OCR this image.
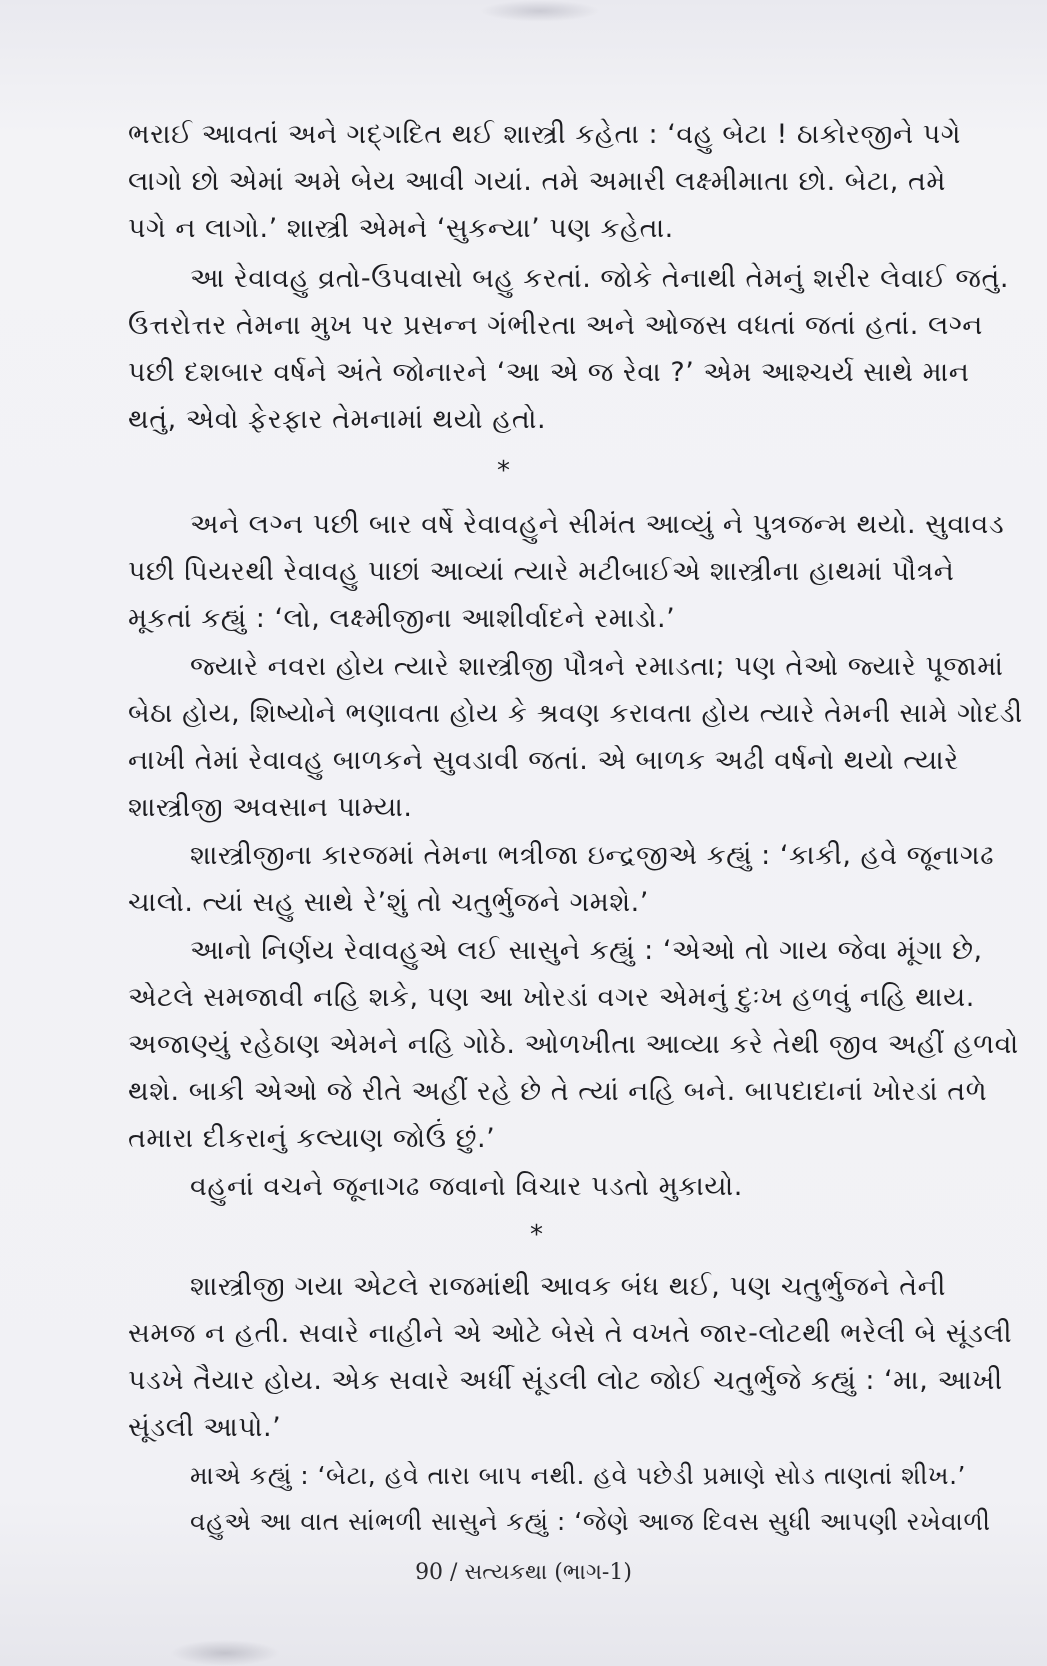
ભરાઈ આવતાં અને ગદ્ગદિત થઈ શાસ્ત્રી કહેતા : ‘વહુ બેટા ! ઠાકોરજીને પગે
લાગો છો એમાં અમે બેય આવી ગયાં. તમે અમારી લક્ષ્મીમાતા છો. બેટા, તમે
પગે ન લાગો.’ શાસ્ત્રી એમને ‘સુકન્યા’ પણ કહેતા.
આ રેવાવહુ વ્રતો-ઉપવાસો બહુ કરતાં. જોકે તેનાથી તેમનું શરીર લેવાઈ જતું.
ઉત્તરોત્તર તેમના મુખ પર પ્રસન્ન ગંભીરતા અને ઓજસ વધતાં જતાં હતાં. લગ્ન
પછી દશબાર વર્ષને અંતે જોનારને ‘આ એ જ રેવા ?’ એમ આશ્ચર્ય સાથે માન
થતું, એવો ફેરફાર તેમનામાં થયો હતો.
*
અને લગ્ન પછી બાર વર્ષે રેવાવહુને સીમંત આવ્યું ને પુત્રજન્મ થયો. સુવાવડ
પછી પિયરથી રેવાવહુ પાછાં આવ્યાં ત્યારે મટીબાઈએ શાસ્ત્રીના હાથમાં પૌત્રને
મૂકતાં કહ્યું : ‘લો, લક્ષ્મીજીના આશીર્વાદને રમાડો.’
જ્યારે નવરા હોય ત્યારે શાસ્ત્રીજી પૌત્રને રમાડતા; પણ તેઓ જ્યારે પૂજામાં
બેઠા હોય, શિષ્યોને ભણાવતા હોય કે શ્રવણ કરાવતા હોય ત્યારે તેમની સામે ગોદડી
નાખી તેમાં રેવાવહુ બાળકને સુવડાવી જતાં. એ બાળક અઢી વર્ષનો થયો ત્યારે
શાસ્ત્રીજી અવસાન પામ્યા.
શાસ્ત્રીજીના કારજમાં તેમના ભત્રીજા ઇન્દ્રજીએ કહ્યું : ‘કાકી, હવે જૂનાગઢ
ચાલો. ત્યાં સહુ સાથે રે’શું તો ચતુર્ભુજને ગમશે.’
આનો નિર્ણય રેવાવહુએ લઈ સાસુને કહ્યું : ‘એઓ તો ગાય જેવા મૂંગા છે,
એટલે સમજાવી નહિ શકે, પણ આ ખોરડાં વગર એમનું દુઃખ હળવું નહિ થાય.
અજાણ્યું રહેઠાણ એમને નહિ ગોઠે. ઓળખીતા આવ્યા કરે તેથી જીવ અહીં હળવો
થશે. બાકી એઓ જે રીતે અહીં રહે છે તે ત્યાં નહિ બને. બાપદાદાનાં ખોરડાં તળે
તમારા દીકરાનું કલ્યાણ જોઉં છું.’
વહુનાં વચને જૂનાગઢ જવાનો વિચાર પડતો મુકાયો.
*
શાસ્ત્રીજી ગયા એટલે રાજમાંથી આવક બંધ થઈ, પણ ચતુર્ભુજને તેની
સમજ ન હતી. સવારે નાહીને એ ઓટે બેસે તે વખતે જાર-લોટથી ભરેલી બે સૂંડલી
પડખે તૈયાર હોય. એક સવારે અર્ધી સૂંડલી લોટ જોઈ ચતુર્ભુજે કહ્યું : ‘મા, આખી
સૂંડલી આપો.’
માએ કહ્યું : ‘બેટા, હવે તારા બાપ નથી. હવે પછેડી પ્રમાણે સોડ તાણતાં શીખ.’
વહુએ આ વાત સાંભળી સાસુને કહ્યું : ‘જેણે આજ દિવસ સુધી આપણી રખેવાળી
90 / સત્યકથા (ભાગ-1)
